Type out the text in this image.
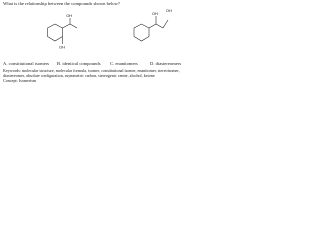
What is the relationship between the compounds shown below?
OH
OH	OH
OH
A. constitutional isomers B. identical compounds C. enantiomers	D. diastereomers
Keywords: molecular structure, molecular formula, isomer, constitutional isomer, enantiomer, stereoisomer, diastereomer, absolute configuration, asymmetric carbon, stereogenic center, alcohol, ketone
Concept: Isomerism
